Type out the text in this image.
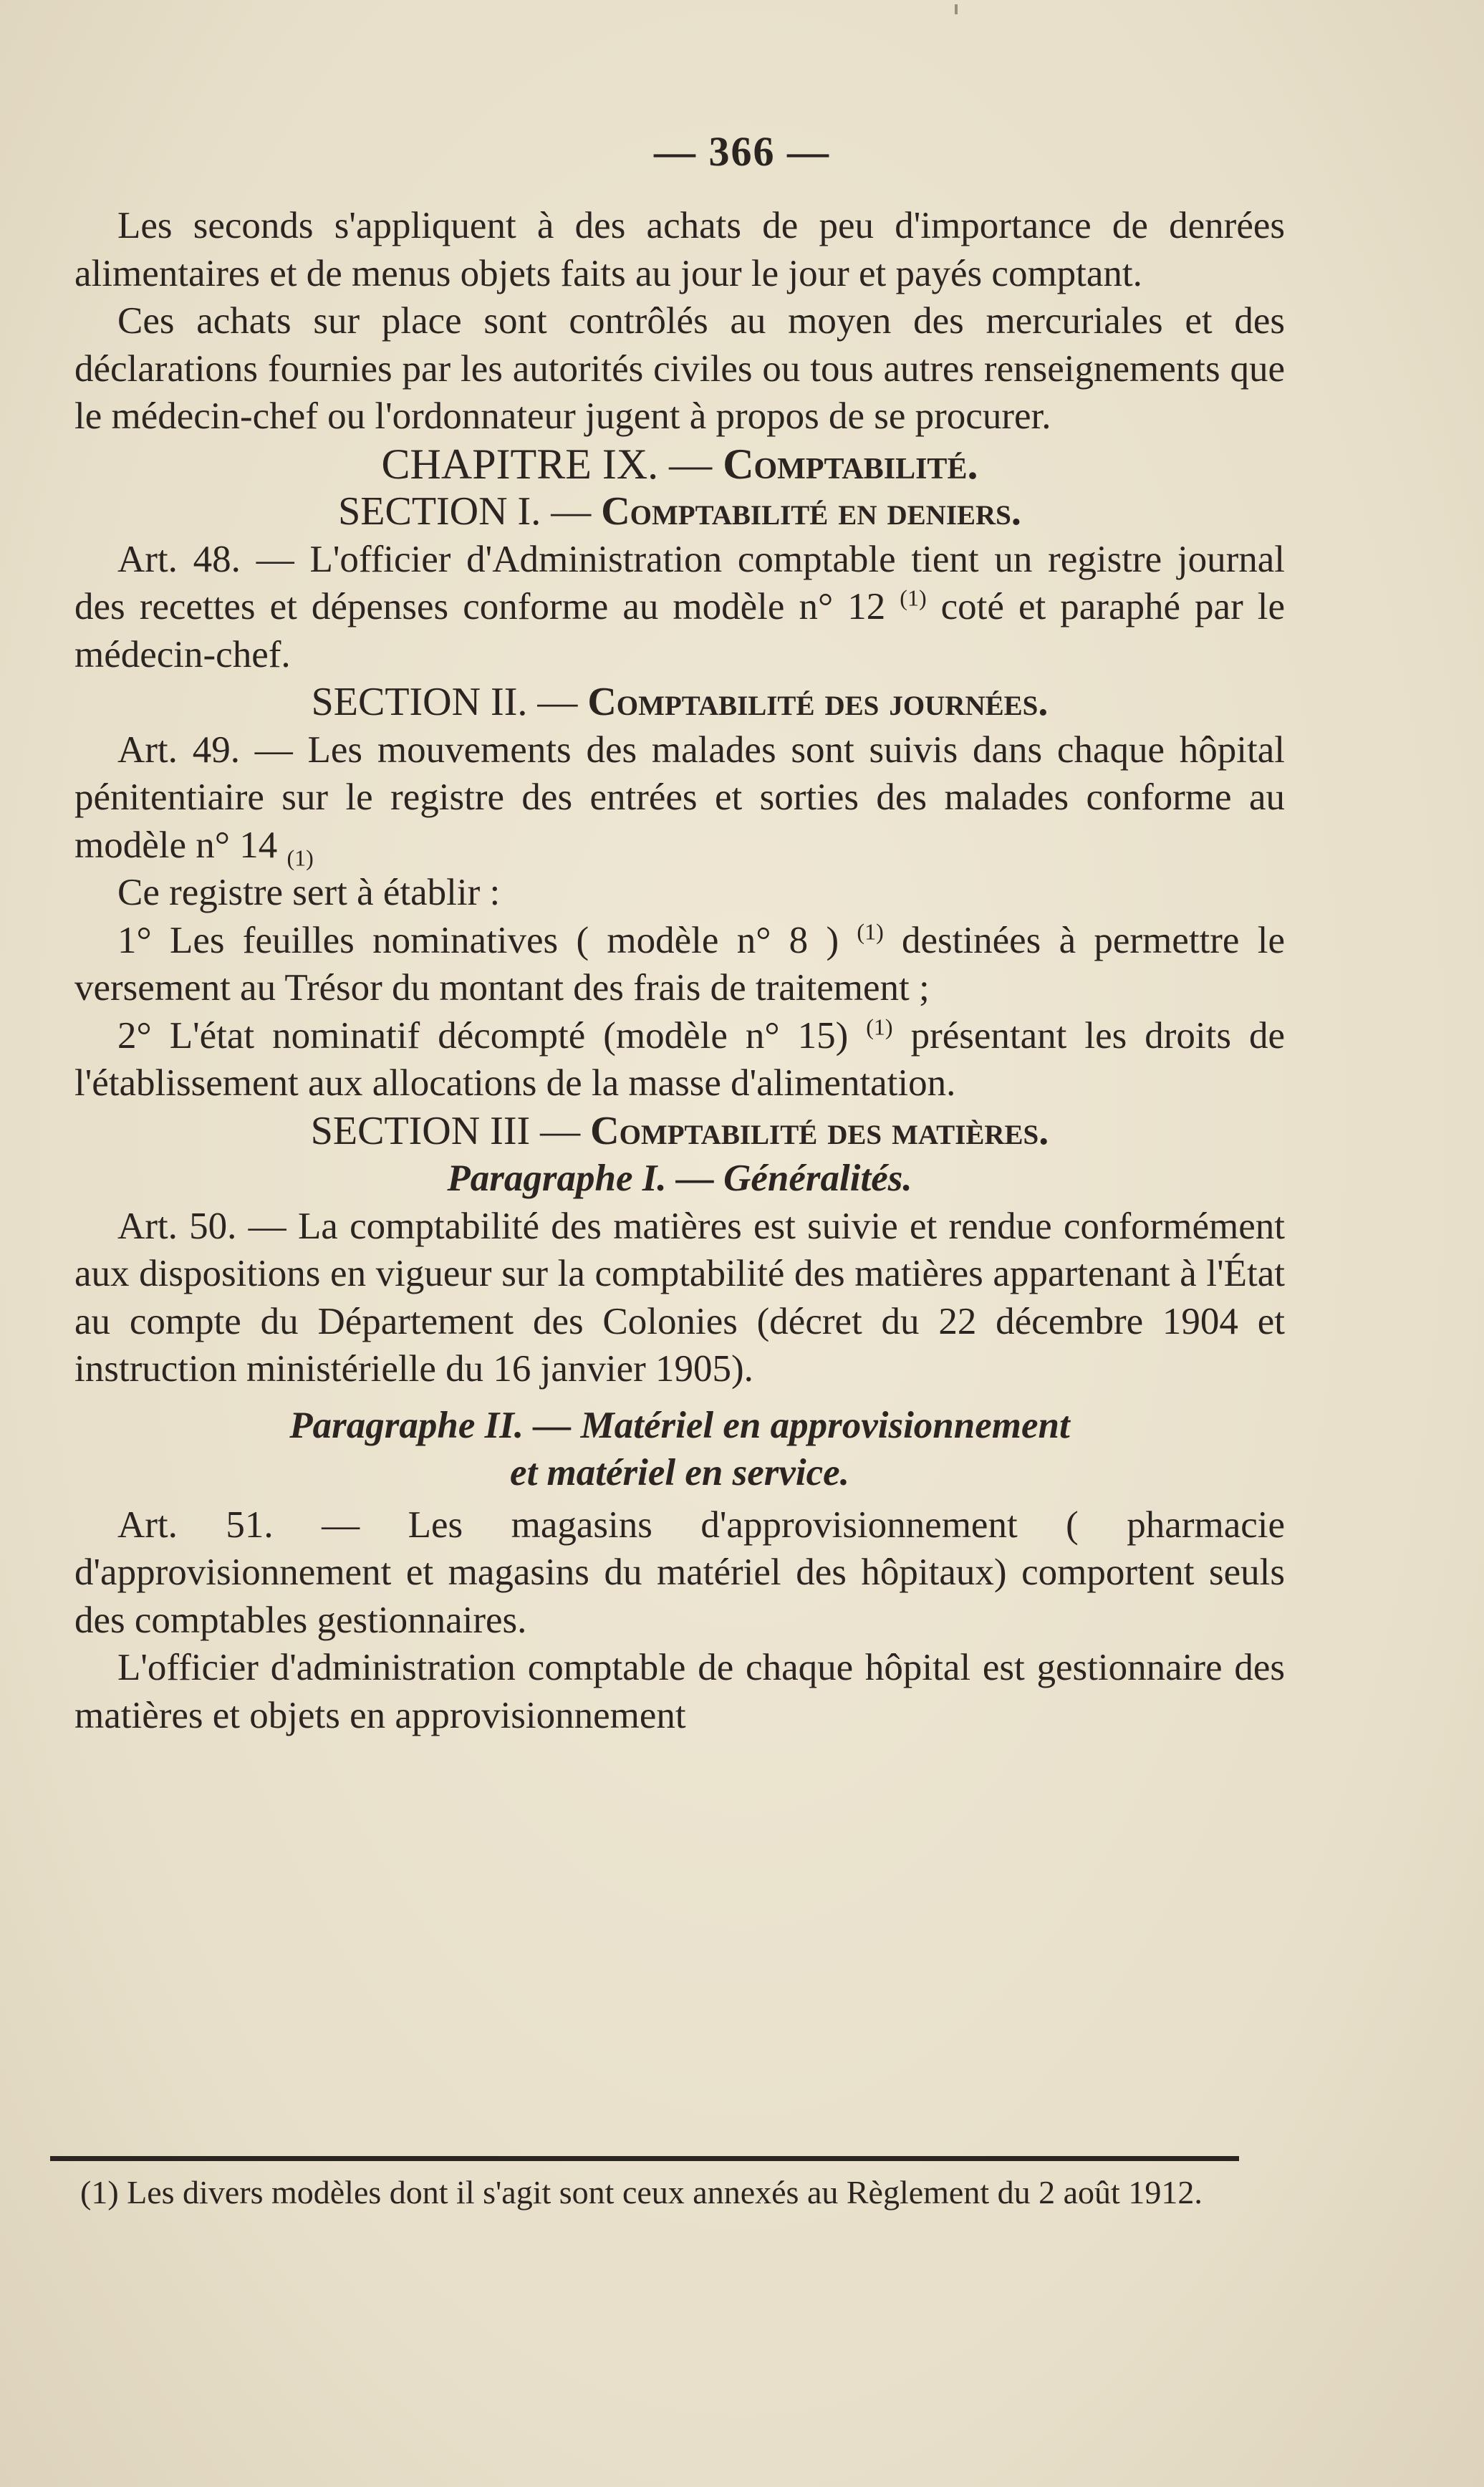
— 366 —

Les seconds s'appliquent à des achats de peu d'importance de denrées alimentaires et de menus objets faits au jour le jour et payés comptant.

Ces achats sur place sont contrôlés au moyen des mercuriales et des déclarations fournies par les autorités civiles ou tous autres renseignements que le médecin-chef ou l'ordonnateur jugent à propos de se procurer.

CHAPITRE IX. — Comptabilité.

SECTION I. — Comptabilité en deniers.

Art. 48. — L'officier d'Administration comptable tient un registre journal des recettes et dépenses conforme au modèle n° 12 $^{(1)}$ coté et paraphé par le médecin-chef.

SECTION II. — Comptabilité des journées.

Art. 49. — Les mouvements des malades sont suivis dans chaque hôpital pénitentiaire sur le registre des entrées et sorties des malades conforme au modèle n° 14 $_{(1)}$

Ce registre sert à établir :

1° Les feuilles nominatives ( modèle n° 8 ) $^{(1)}$ destinées à permettre le versement au Trésor du montant des frais de traitement ;

2° L'état nominatif décompté (modèle n° 15) $^{(1)}$ présentant les droits de l'établissement aux allocations de la masse d'alimentation.

SECTION III — Comptabilité des matières.

Paragraphe I. — Généralités.

Art. 50. — La comptabilité des matières est suivie et rendue conformément aux dispositions en vigueur sur la comptabilité des matières appartenant à l'État au compte du Département des Colonies (décret du 22 décembre 1904 et instruction ministérielle du 16 janvier 1905).

Paragraphe II. — Matériel en approvisionnement

et matériel en service.

Art. 51. — Les magasins d'approvisionnement ( pharmacie d'approvisionnement et magasins du matériel des hôpitaux) comportent seuls des comptables gestionnaires.

L'officier d'administration comptable de chaque hôpital est gestionnaire des matières et objets en approvisionnement

(1) Les divers modèles dont il s'agit sont ceux annexés au Règlement du 2 août 1912.
